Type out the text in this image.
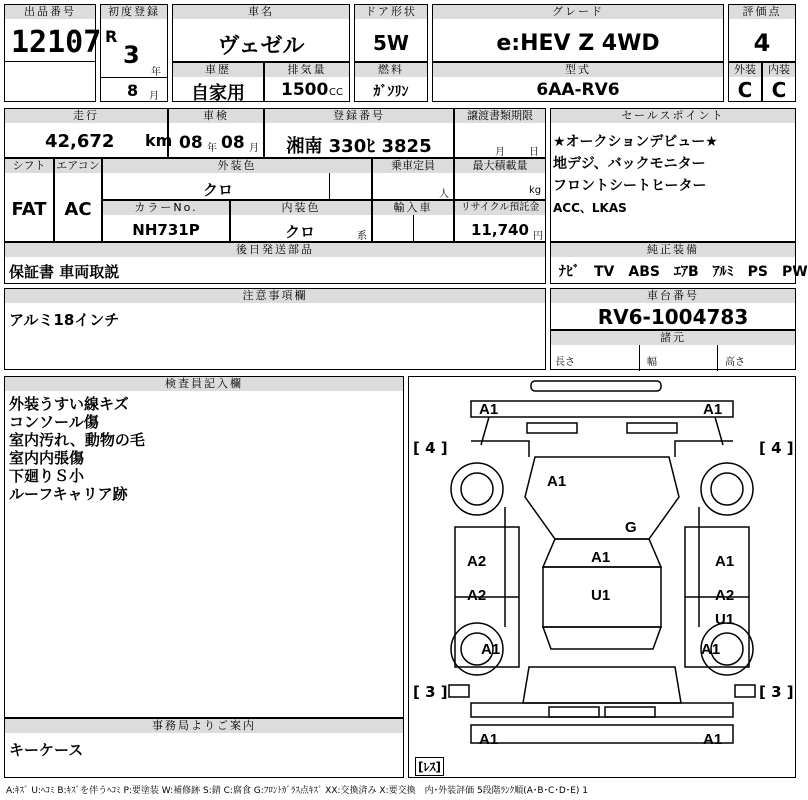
出品番号
12107
初度登録
R
3
年
8 月
車名
ヴェゼル
ドア形状
5W
グレード
e:HEV Z 4WD
評価点
4
車歴
自家用
排気量
1500 CC
燃料
ｶﾞｿﾘﾝ
型式
6AA-RV6
外装
C
内装
C
走行
42,672 km
車検
08 年 08 月
登録番号
湘南 330ﾋ 3825
譲渡書類期限
月 日
セールスポイント
★オークションデビュー★
地デジ、バックモニター
フロントシートヒーター
ACC、LKAS
シフト
FAT
エアコン
AC
外装色
クロ
乗車定員
人
最大積載量
kg
カラーNo.
NH731P
内装色
クロ	系
輸入車	リサイクル預託金
11,740 円
後日発送部品
保証書 車両取説
純正装備
ﾅﾋﾞ　TV　ABS　ｴｱB　ｱﾙﾐ　PS　PW
注意事項欄
アルミ18インチ
車台番号
RV6-1004783
諸元
長さ	幅	高さ
検査員記入欄
外装うすい線キズ
コンソール傷
室内汚れ、動物の毛
室内内張傷
下廻りＳ小
ルーフキャリア跡
事務局よりご案内
キーケース
[ 4 ]	[ 4 ]
[ 3 ]	[ 3 ]
[ﾚｽ]
A1	A1
A1
G
A1
U1
A2	A1
A2	A2
U1
A1	A1
A1	A1
A:ｷｽﾞ U:ﾍｺﾐ B:ｷｽﾞを伴うﾍｺﾐ P:要塗装 W:補修跡 S:錆 C:腐食 G:ﾌﾛﾝﾄｶﾞﾗｽ点ｷｽﾞ XX:交換済み X:要交換　内･外装評価 5段階ﾗﾝｸ順(A･B･C･D･E) 1
